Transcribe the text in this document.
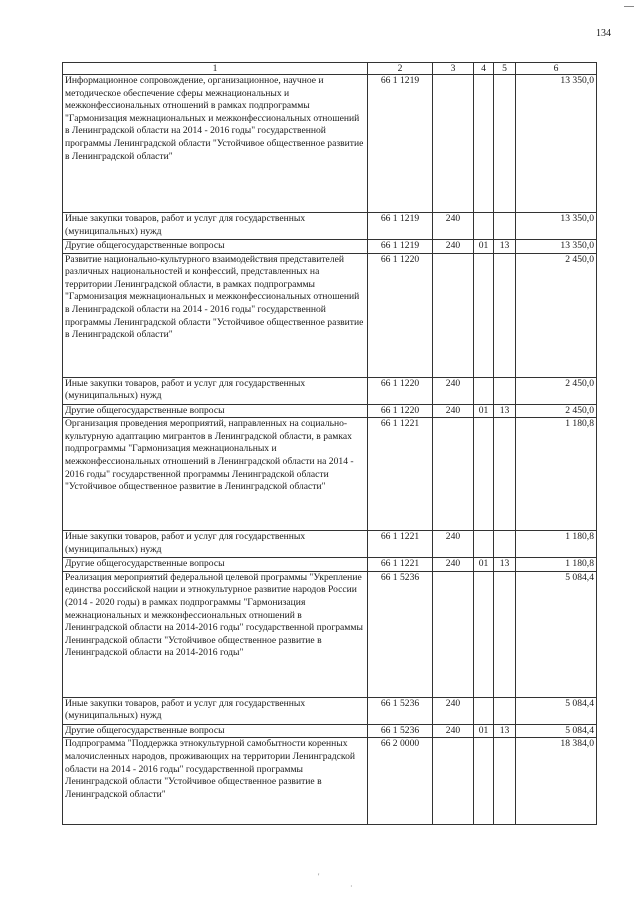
134
1	2	3	4	5	6
Информационное сопровождение, организационное, научное и методическое обеспечение сферы межнациональных и межконфессиональных отношений в рамках подпрограммы "Гармонизация межнациональных и межконфессиональных отношений в Ленинградской области на 2014 - 2016 годы" государственной программы Ленинградской области "Устойчивое общественное развитие в Ленинградской области"	66 1 1219				13 350,0
Иные закупки товаров, работ и услуг для государственных (муниципальных) нужд	66 1 1219	240			13 350,0
Другие общегосударственные вопросы	66 1 1219	240	01	13	13 350,0
Развитие национально-культурного взаимодействия представителей различных национальностей и конфессий, представленных на территории Ленинградской области, в рамках подпрограммы "Гармонизация межнациональных и межконфессиональных отношений в Ленинградской области на 2014 - 2016 годы" государственной программы Ленинградской области "Устойчивое общественное развитие в Ленинградской области"	66 1 1220				2 450,0
Иные закупки товаров, работ и услуг для государственных (муниципальных) нужд	66 1 1220	240			2 450,0
Другие общегосударственные вопросы	66 1 1220	240	01	13	2 450,0
Организация проведения мероприятий, направленных на социально-культурную адаптацию мигрантов в Ленинградской области, в рамках подпрограммы "Гармонизация межнациональных и межконфессиональных отношений в Ленинградской области на 2014 - 2016 годы" государственной программы Ленинградской области "Устойчивое общественное развитие в Ленинградской области"	66 1 1221				1 180,8
Иные закупки товаров, работ и услуг для государственных (муниципальных) нужд	66 1 1221	240			1 180,8
Другие общегосударственные вопросы	66 1 1221	240	01	13	1 180,8
Реализация мероприятий федеральной целевой программы "Укрепление единства российской нации и этнокультурное развитие народов России (2014 - 2020 годы) в рамках подпрограммы "Гармонизация межнациональных и межконфессиональных отношений в Ленинградской области на 2014-2016 годы" государственной программы Ленинградской области "Устойчивое общественное развитие в Ленинградской области на 2014-2016 годы"	66 1 5236				5 084,4
Иные закупки товаров, работ и услуг для государственных (муниципальных) нужд	66 1 5236	240			5 084,4
Другие общегосударственные вопросы	66 1 5236	240	01	13	5 084,4
Подпрограмма "Поддержка этнокультурной самобытности коренных малочисленных народов, проживающих на территории Ленинградской области на 2014 - 2016 годы" государственной программы Ленинградской области "Устойчивое общественное развитие в Ленинградской области"	66 2 0000				18 384,0
'
·
